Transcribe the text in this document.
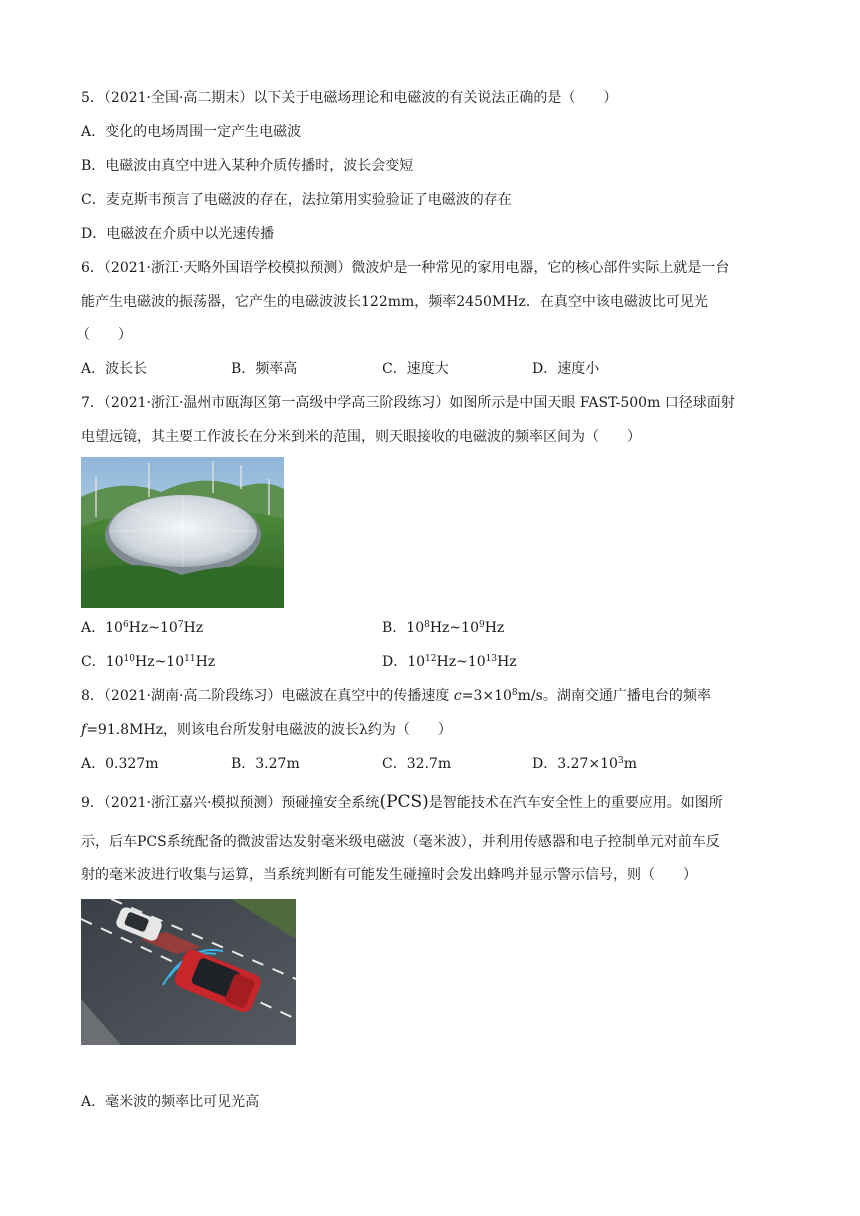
5．（2021·全国·高二期末）以下关于电磁场理论和电磁波的有关说法正确的是（　　）
A．变化的电场周围一定产生电磁波
B．电磁波由真空中进入某种介质传播时，波长会变短
C．麦克斯韦预言了电磁波的存在，法拉第用实验验证了电磁波的存在
D．电磁波在介质中以光速传播
6．（2021·浙江·天略外国语学校模拟预测）微波炉是一种常见的家用电器，它的核心部件实际上就是一台
能产生电磁波的振荡器，它产生的电磁波波长122mm，频率2450MHz．在真空中该电磁波比可见光
（　　）
A．波长长	B．频率高	C．速度大	D．速度小
7．（2021·浙江·温州市瓯海区第一高级中学高三阶段练习）如图所示是中国天眼 FAST-500m 口径球面射
电望远镜，其主要工作波长在分米到米的范围，则天眼接收的电磁波的频率区间为（　　）
A．$10^6Hz\sim 10^7Hz$	B．$10^8Hz\sim 10^9Hz$
C．$10^{10}Hz\sim 10^{11}Hz$	D．$10^{12}Hz\sim 10^{13}Hz$
8．（2021·湖南·高二阶段练习）电磁波在真空中的传播速度 $c=3\times 10^8m/s$。湖南交通广播电台的频率
f=91.8MHz，则该电台所发射电磁波的波长λ约为（　　）
A．0.327m	B．3.27m	C．32.7m	D．$3.27\times 10^3m$
9．（2021·浙江嘉兴·模拟预测）预碰撞安全系统(PCS)是智能技术在汽车安全性上的重要应用。如图所
示，后车PCS系统配备的微波雷达发射毫米级电磁波（毫米波），并利用传感器和电子控制单元对前车反
射的毫米波进行收集与运算，当系统判断有可能发生碰撞时会发出蜂鸣并显示警示信号，则（　　）
A．毫米波的频率比可见光高
